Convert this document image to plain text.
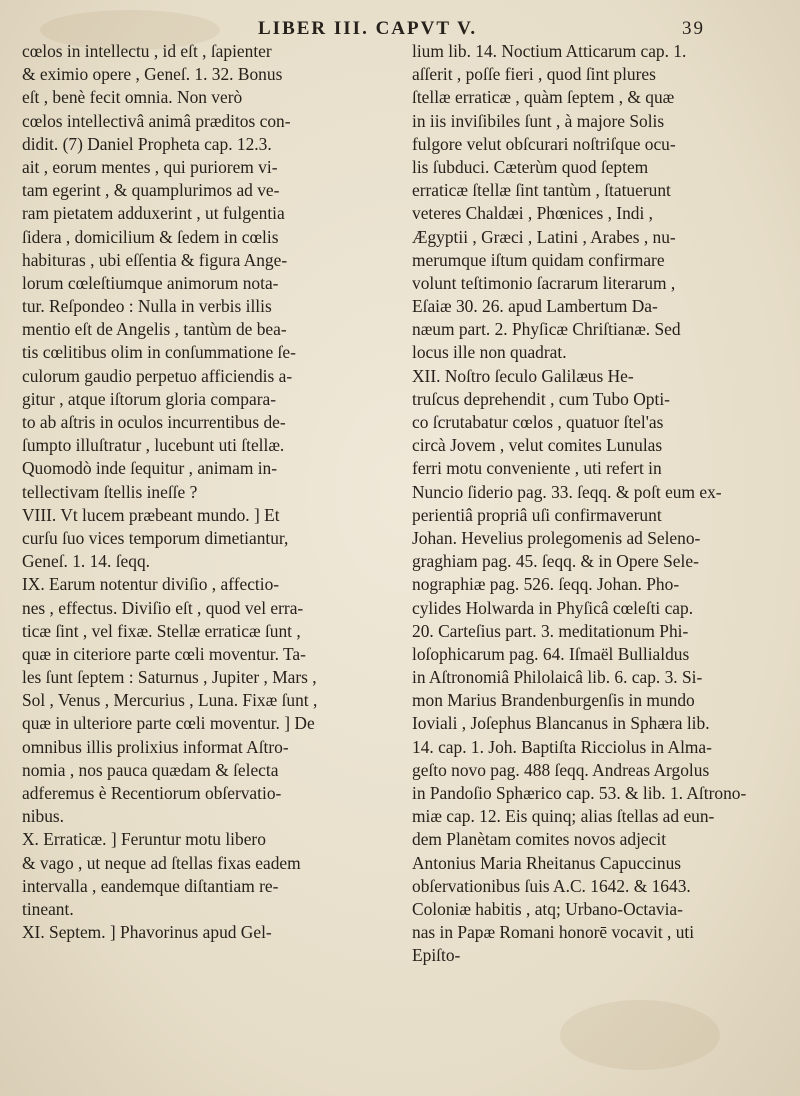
LIBER III. CAPVT V.	39
cœlos in intellectu , id eſt , ſapienter
& eximio opere , Geneſ. 1. 32. Bonus
eſt , benè fecit omnia. Non verò
cœlos intellectivâ animâ præditos con-
didit. (7) Daniel Propheta cap. 12.3.
ait , eorum mentes , qui puriorem vi-
tam egerint , & quamplurimos ad ve-
ram pietatem adduxerint , ut fulgentia
ſidera , domicilium & ſedem in cœlis
habituras , ubi eſſentia & figura Ange-
lorum cœleſtiumque animorum nota-
tur. Reſpondeo : Nulla in verbis illis
mentio eſt de Angelis , tantùm de bea-
tis cœlitibus olim in conſummatione ſe-
culorum gaudio perpetuo afficiendis a-
gitur , atque iſtorum gloria compara-
to ab aſtris in oculos incurrentibus de-
ſumpto illuſtratur , lucebunt uti ſtellæ.
Quomodò inde ſequitur , animam in-
tellectivam ſtellis ineſſe ?
VIII. Vt lucem præbeant mundo. ] Et
curſu ſuo vices temporum dimetiantur,
Geneſ. 1. 14. ſeqq.
IX. Earum notentur diviſio , affectio-
nes , effectus. Diviſio eſt , quod vel erra-
ticæ ſint , vel fixæ. Stellæ erraticæ ſunt ,
quæ in citeriore parte cœli moventur. Ta-
les ſunt ſeptem : Saturnus , Jupiter , Mars ,
Sol , Venus , Mercurius , Luna. Fixæ ſunt ,
quæ in ulteriore parte cœli moventur. ] De
omnibus illis prolixius informat Aſtro-
nomia , nos pauca quædam & ſelecta
adferemus è Recentiorum obſervatio-
nibus.
X. Erraticæ. ] Feruntur motu libero
& vago , ut neque ad ſtellas fixas eadem
intervalla , eandemque diſtantiam re-
tineant.
XI. Septem. ] Phavorinus apud Gel-
lium lib. 14. Noctium Atticarum cap. 1.
aſſerit , poſſe fieri , quod ſint plures
ſtellæ erraticæ , quàm ſeptem , & quæ
in iis inviſibiles ſunt , à majore Solis
fulgore velut obſcurari noſtriſque ocu-
lis ſubduci. Cæterùm quod ſeptem
erraticæ ſtellæ ſint tantùm , ſtatuerunt
veteres Chaldæi , Phœnices , Indi ,
Ægyptii , Græci , Latini , Arabes , nu-
merumque iſtum quidam confirmare
volunt teſtimonio ſacrarum literarum ,
Eſaiæ 30. 26. apud Lambertum Da-
næum part. 2. Phyſicæ Chriſtianæ. Sed
locus ille non quadrat.
XII. Noſtro ſeculo Galilæus He-
truſcus deprehendit , cum Tubo Opti-
co ſcrutabatur cœlos , quatuor ſtel'as
circà Jovem , velut comites Lunulas
ferri motu conveniente , uti refert in
Nuncio ſiderio pag. 33. ſeqq. & poſt eum ex-
perientiâ propriâ uſi confirmaverunt
Johan. Hevelius prolegomenis ad Seleno-
graghiam pag. 45. ſeqq. & in Opere Sele-
nographiæ pag. 526. ſeqq. Johan. Pho-
cylides Holwarda in Phyſicâ cœleſti cap.
20. Carteſius part. 3. meditationum Phi-
loſophicarum pag. 64. Iſmaël Bullialdus
in Aſtronomiâ Philolaicâ lib. 6. cap. 3. Si-
mon Marius Brandenburgenſis in mundo
Ioviali , Joſephus Blancanus in Sphæra lib.
14. cap. 1. Joh. Baptiſta Ricciolus in Alma-
geſto novo pag. 488 ſeqq. Andreas Argolus
in Pandoſio Sphærico cap. 53. & lib. 1. Aſtrono-
miæ cap. 12. Eis quinq; alias ſtellas ad eun-
dem Planètam comites novos adjecit
Antonius Maria Rheitanus Capuccinus
obſervationibus ſuis A.C. 1642. & 1643.
Coloniæ habitis , atq; Urbano-Octavia-
nas in Papæ Romani honorē vocavit , uti
Epiſto-
